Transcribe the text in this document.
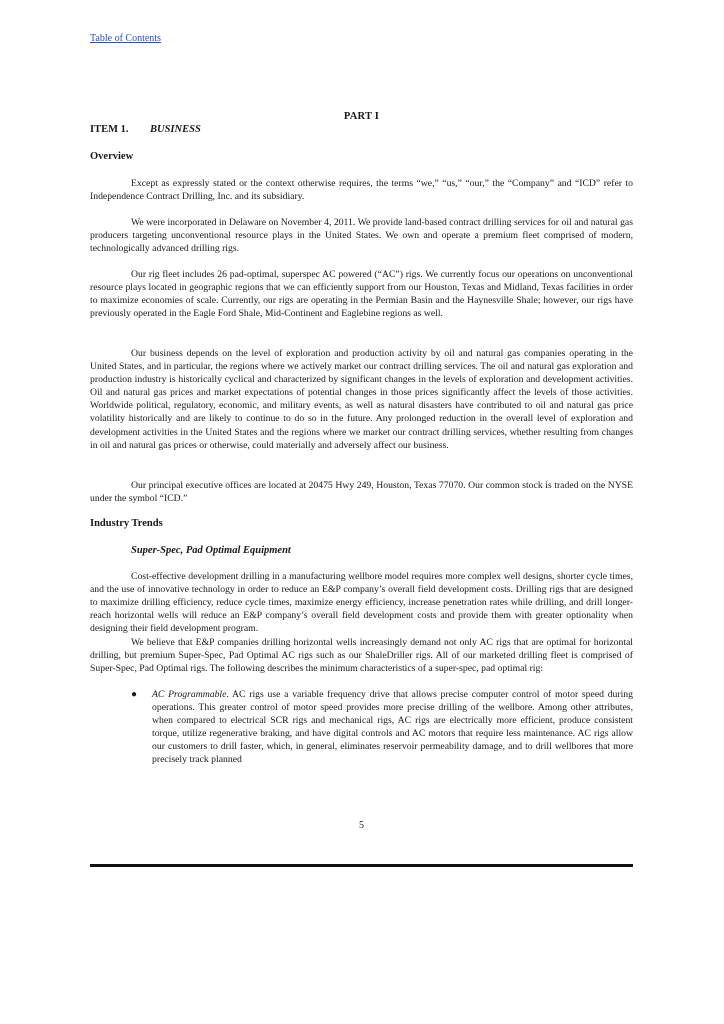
Table of Contents
PART I
ITEM 1. BUSINESS
Overview

Except as expressly stated or the context otherwise requires, the terms “we,” “us,” “our,” the “Company” and “ICD” refer to Independence Contract Drilling, Inc. and its subsidiary.

We were incorporated in Delaware on November 4, 2011. We provide land-based contract drilling services for oil and natural gas producers targeting unconventional resource plays in the United States. We own and operate a premium fleet comprised of modern, technologically advanced drilling rigs.

Our rig fleet includes 26 pad-optimal, superspec AC powered (“AC”) rigs. We currently focus our operations on unconventional resource plays located in geographic regions that we can efficiently support from our Houston, Texas and Midland, Texas facilities in order to maximize economies of scale. Currently, our rigs are operating in the Permian Basin and the Haynesville Shale; however, our rigs have previously operated in the Eagle Ford Shale, Mid-Continent and Eaglebine regions as well.

Our business depends on the level of exploration and production activity by oil and natural gas companies operating in the United States, and in particular, the regions where we actively market our contract drilling services. The oil and natural gas exploration and production industry is historically cyclical and characterized by significant changes in the levels of exploration and development activities. Oil and natural gas prices and market expectations of potential changes in those prices significantly affect the levels of those activities. Worldwide political, regulatory, economic, and military events, as well as natural disasters have contributed to oil and natural gas price volatility historically and are likely to continue to do so in the future. Any prolonged reduction in the overall level of exploration and development activities in the United States and the regions where we market our contract drilling services, whether resulting from changes in oil and natural gas prices or otherwise, could materially and adversely affect our business.

Our principal executive offices are located at 20475 Hwy 249, Houston, Texas 77070. Our common stock is traded on the NYSE under the symbol “ICD.”

Industry Trends
Super-Spec, Pad Optimal Equipment

Cost-effective development drilling in a manufacturing wellbore model requires more complex well designs, shorter cycle times, and the use of innovative technology in order to reduce an E&P company’s overall field development costs. Drilling rigs that are designed to maximize drilling efficiency, reduce cycle times, maximize energy efficiency, increase penetration rates while drilling, and drill longer-reach horizontal wells will reduce an E&P company’s overall field development costs and provide them with greater optionality when designing their field development program.

We believe that E&P companies drilling horizontal wells increasingly demand not only AC rigs that are optimal for horizontal drilling, but premium Super-Spec, Pad Optimal AC rigs such as our ShaleDriller rigs. All of our marketed drilling fleet is comprised of Super-Spec, Pad Optimal rigs. The following describes the minimum characteristics of a super-spec, pad optimal rig:

● AC Programmable. AC rigs use a variable frequency drive that allows precise computer control of motor speed during operations. This greater control of motor speed provides more precise drilling of the wellbore. Among other attributes, when compared to electrical SCR rigs and mechanical rigs, AC rigs are electrically more efficient, produce consistent torque, utilize regenerative braking, and have digital controls and AC motors that require less maintenance. AC rigs allow our customers to drill faster, which, in general, eliminates reservoir permeability damage, and to drill wellbores that more precisely track planned

5
